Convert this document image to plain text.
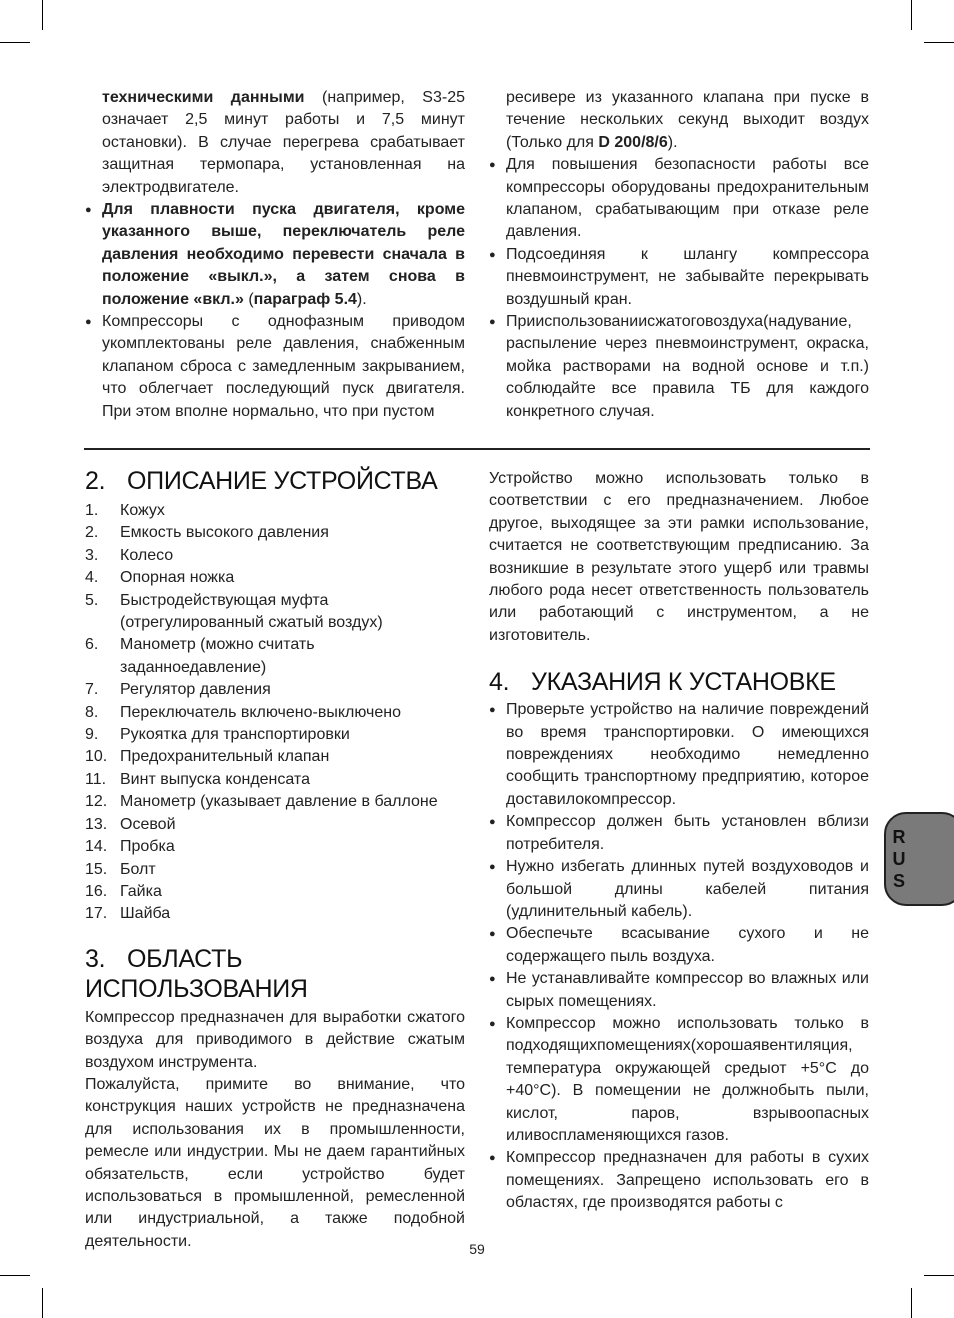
техническими данными (например, S3-25 означает 2,5 минут работы и 7,5 минут остановки). В случае перегрева срабатывает защитная термопара, установленная на электродвигателе.

● Для плавности пуска двигателя, кроме указанного выше, переключатель реле давления необходимо перевести сначала в положение «выкл.», а затем снова в положение «вкл.» (параграф 5.4).

● Компрессоры с однофазным приводом укомплектованы реле давления, снабженным клапаном сброса с замедленным закрыванием, что облегчает последующий пуск двигателя. При этом вполне нормально, что при пустом

ресивере из указанного клапана при пуске в течение нескольких секунд выходит воздух (Только для D 200/8/6).

● Для повышения безопасности работы все компрессоры оборудованы предохранительным клапаном, срабатывающим при отказе реле давления.

● Подсоединяя к шлангу компрессора пневмоинструмент, не забывайте перекрывать воздушный кран.

● Прииспользованиисжатоговоздуха(надувание, распыление через пневмоинструмент, окраска, мойка растворами на водной основе и т.п.) соблюдайте все правила ТБ для каждого конкретного случая.

2. ОПИСАНИЕ УСТРОЙСТВА
1. Кожух
2. Емкость высокого давления
3. Колесо
4. Опорная ножка
5. Быстродействующая муфта (отрегулированный сжатый воздух)
6. Манометр (можно считать заданноедавление)
7. Регулятор давления
8. Переключатель включено-выключено
9. Рукоятка для транспортировки
10. Предохранительный клапан
11. Винт выпуска конденсата
12. Манометр (указывает давление в баллоне
13. Осевой
14. Пробка
15. Болт
16. Гайка
17. Шайба
3. ОБЛАСТЬ ИСПОЛЬЗОВАНИЯ

Компрессор предназначен для выработки сжатого воздуха для приводимого в действие сжатым воздухом инструмента.

Пожалуйста, примите во внимание, что конструкция наших устройств не предназначена для использования их в промышленности, ремесле или индустрии. Мы не даем гарантийных обязательств, если устройство будет использоваться в промышленной, ремесленной или индустриальной, а также подобной деятельности.

Устройство можно использовать только в соответствии с его предназначением. Любое другое, выходящее за эти рамки использование, считается не соответствующим предписанию. За возникшие в результате этого ущерб или травмы любого рода несет ответственность пользователь или работающий с инструментом, а не изготовитель.

4. УКАЗАНИЯ К УСТАНОВКЕ

● Проверьте устройство на наличие повреждений во время транспортировки. О имеющихся повреждениях необходимо немедленно сообщить транспортному предприятию, которое доставилокомпрессор.

● Компрессор должен быть установлен вблизи потребителя.

● Нужно избегать длинных путей воздуховодов и большой длины кабелей питания (удлинительный кабель).

● Обеспечьте всасывание сухого и не содержащего пыль воздуха.

● Не устанавливайте компрессор во влажных или сырых помещениях.

● Компрессор можно использовать только в подходящихпомещениях(хорошаявентиляция, температура окружающей средыот +5°C до +40°C). В помещении не должнобыть пыли, кислот, паров, взрывоопасных иливоспламеняющихся газов.

● Компрессор предназначен для работы в сухих помещениях. Запрещено использовать его в областях, где производятся работы с

R
U
S
59
